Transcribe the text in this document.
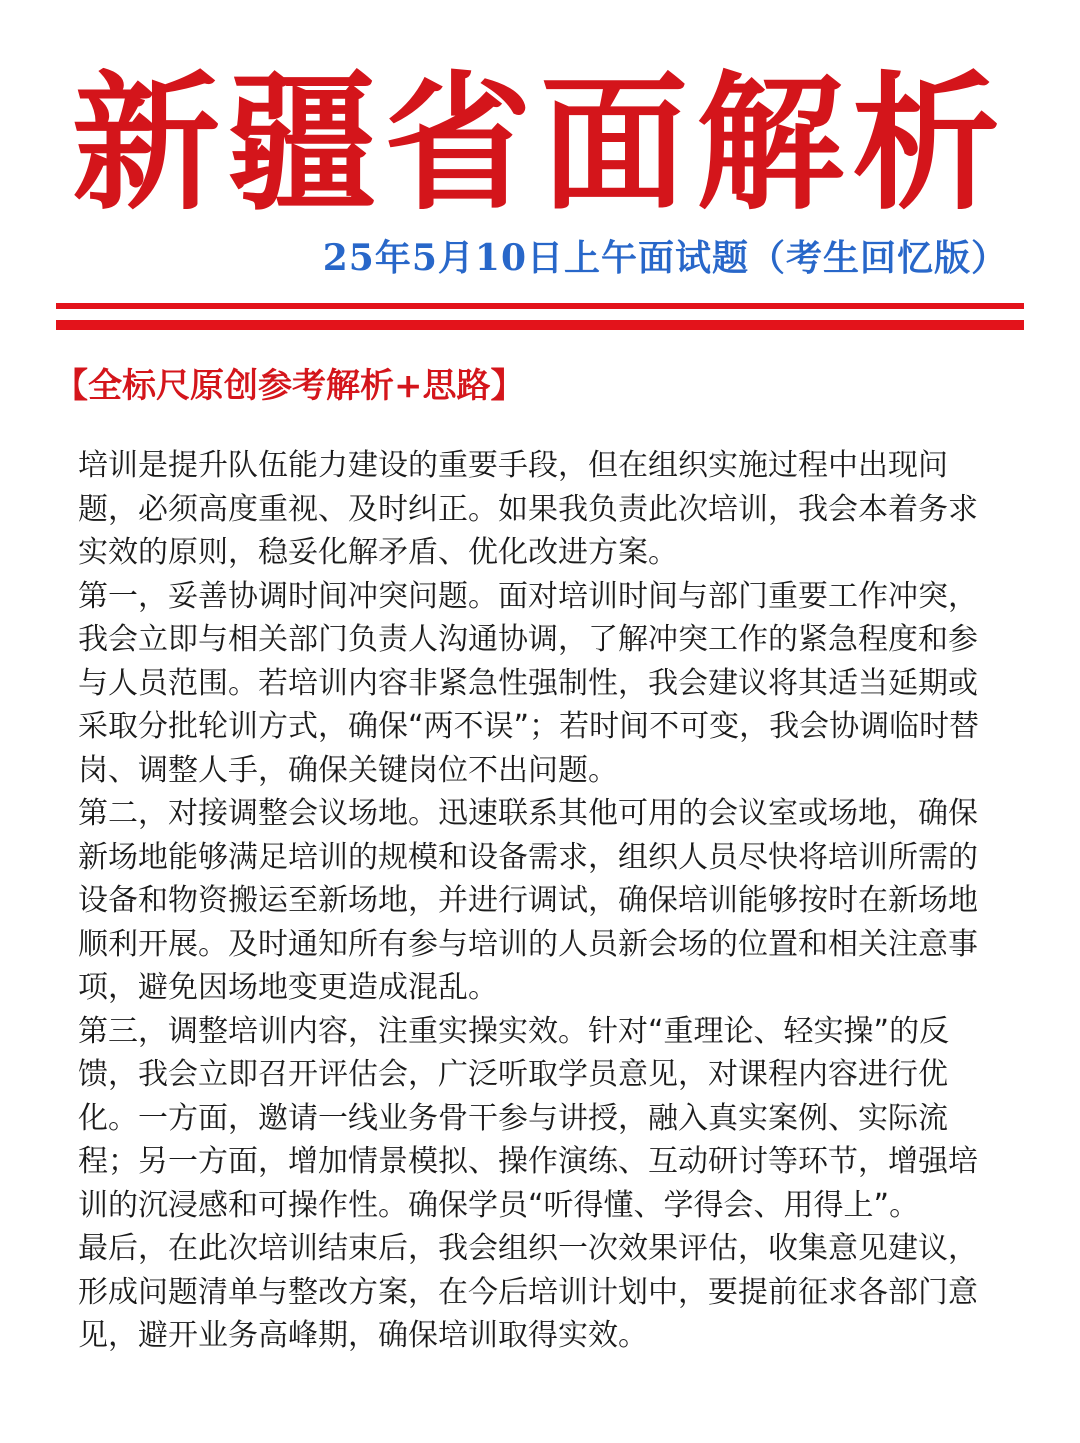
新疆省面解析
25年5月10日上午面试题（考生回忆版）
【全标尺原创参考解析+思路】

培训是提升队伍能力建设的重要手段，但在组织实施过程中出现问题，必须高度重视、及时纠正。如果我负责此次培训，我会本着务求实效的原则，稳妥化解矛盾、优化改进方案。

第一，妥善协调时间冲突问题。面对培训时间与部门重要工作冲突，我会立即与相关部门负责人沟通协调，了解冲突工作的紧急程度和参与人员范围。若培训内容非紧急性强制性，我会建议将其适当延期或采取分批轮训方式，确保“两不误”；若时间不可变，我会协调临时替岗、调整人手，确保关键岗位不出问题。

第二，对接调整会议场地。迅速联系其他可用的会议室或场地，确保新场地能够满足培训的规模和设备需求，组织人员尽快将培训所需的设备和物资搬运至新场地，并进行调试，确保培训能够按时在新场地顺利开展。及时通知所有参与培训的人员新会场的位置和相关注意事项，避免因场地变更造成混乱。

第三，调整培训内容，注重实操实效。针对“重理论、轻实操”的反馈，我会立即召开评估会，广泛听取学员意见，对课程内容进行优化。一方面，邀请一线业务骨干参与讲授，融入真实案例、实际流程；另一方面，增加情景模拟、操作演练、互动研讨等环节，增强培训的沉浸感和可操作性。确保学员“听得懂、学得会、用得上”。

最后，在此次培训结束后，我会组织一次效果评估，收集意见建议，形成问题清单与整改方案，在今后培训计划中，要提前征求各部门意见，避开业务高峰期，确保培训取得实效。
